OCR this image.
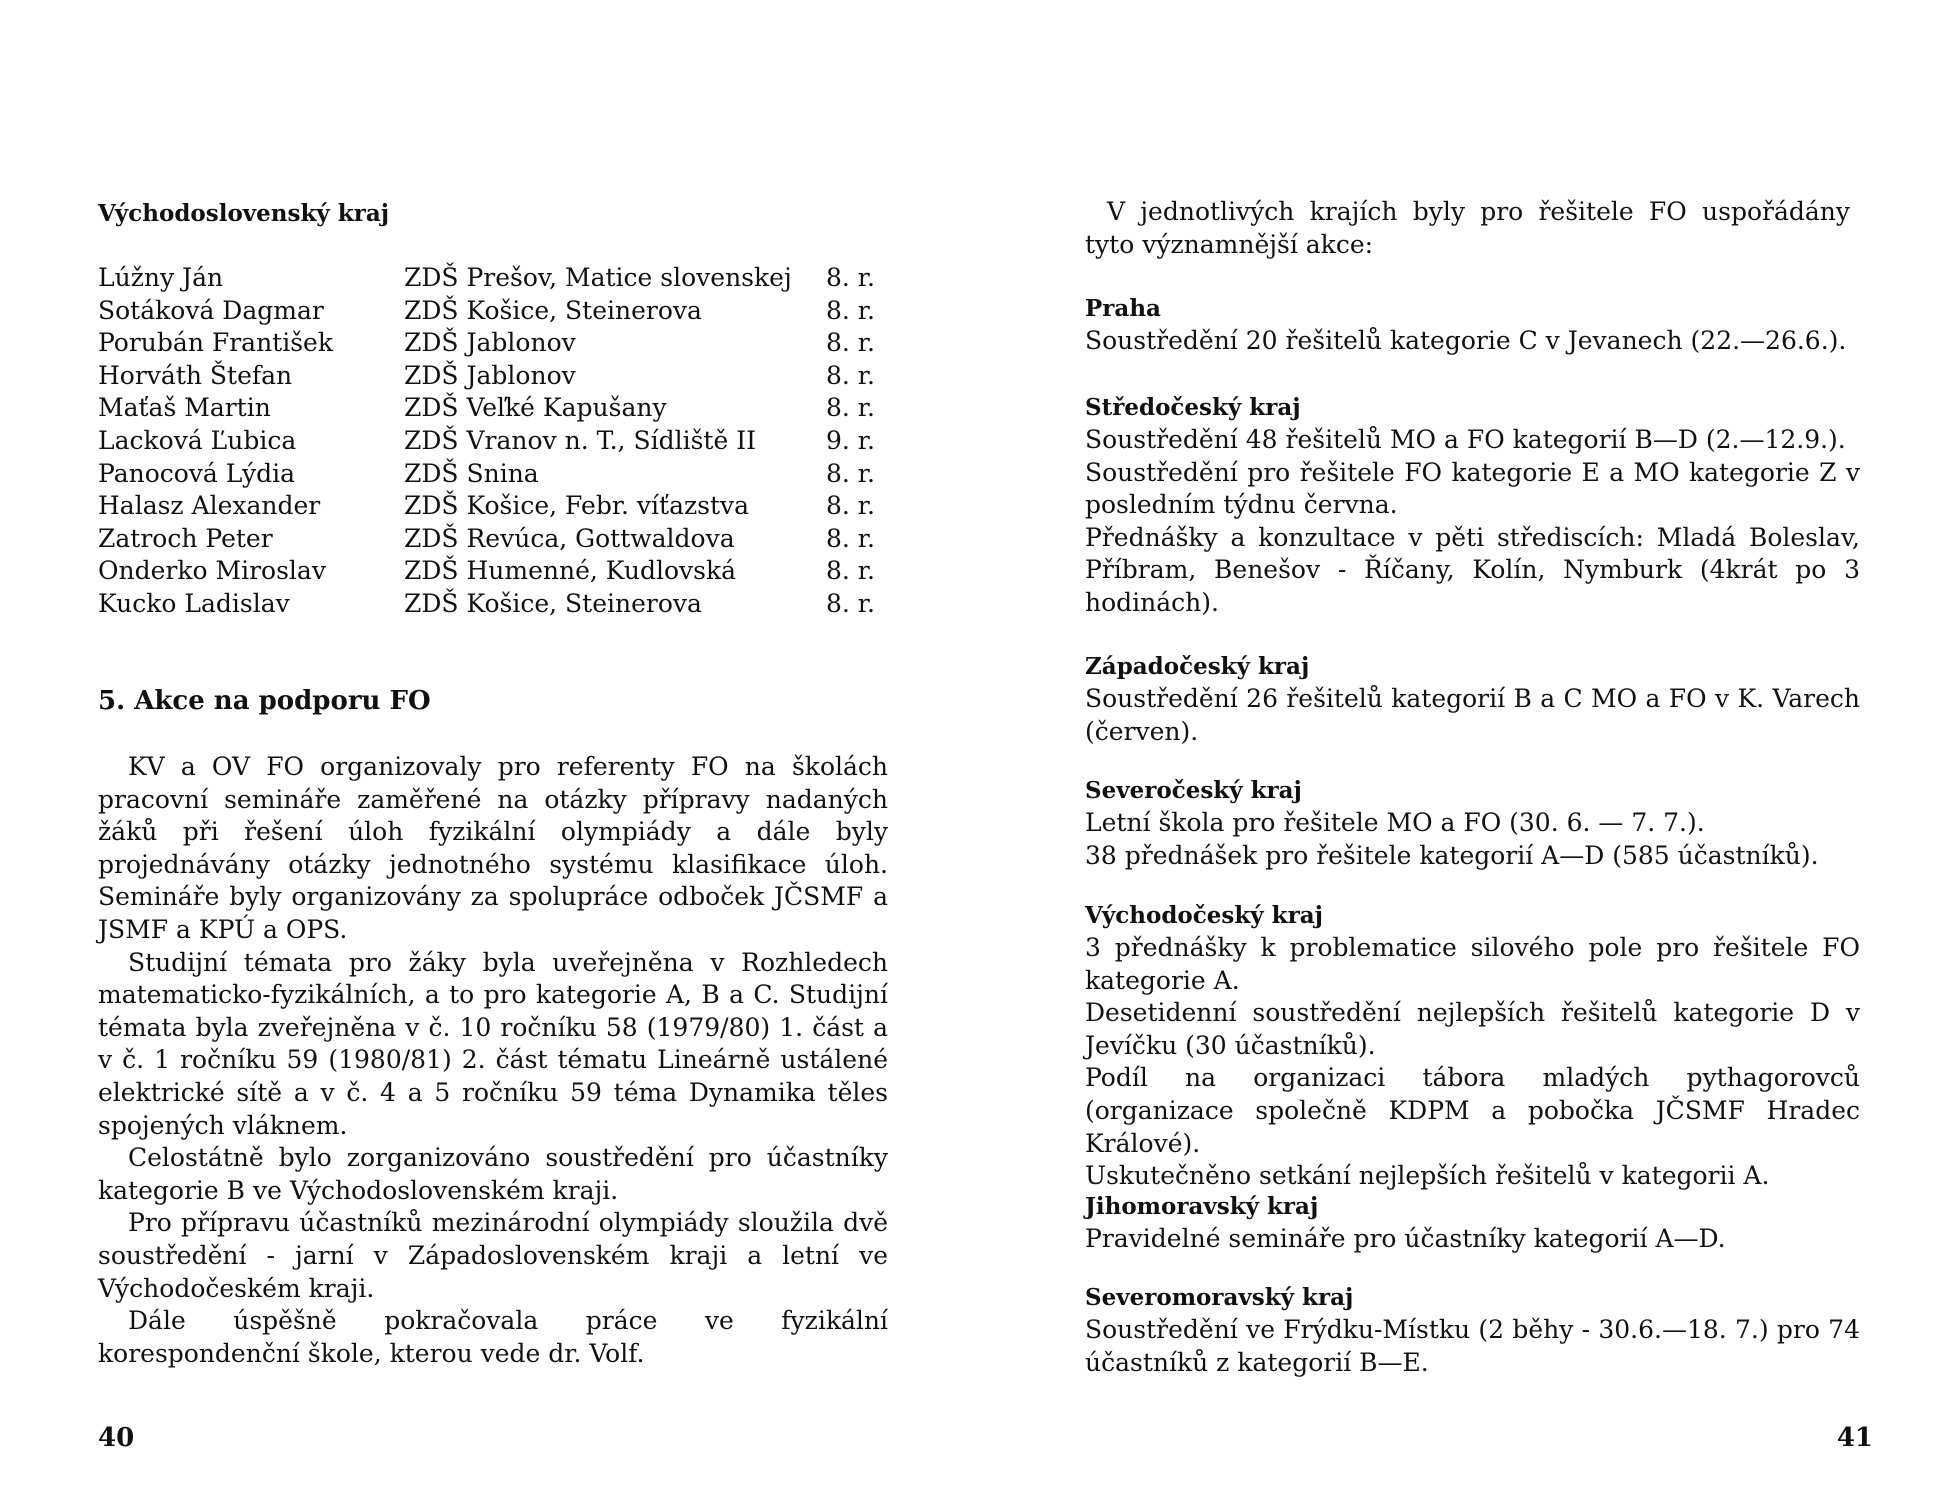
Východoslovenský kraj
Lúžny Ján	ZDŠ Prešov, Matice slovenskej 8. r.
Sotáková Dagmar	ZDŠ Košice, Steinerova	8. r.
Porubán František	ZDŠ Jablonov	8. r.
Horváth Štefan	ZDŠ Jablonov	8. r.
Maťaš Martin	ZDŠ Veľké Kapušany	8. r.
Lacková Ľubica	ZDŠ Vranov n. T., Sídliště II	9. r.
Panocová Lýdia	ZDŠ Snina	8. r.
Halasz Alexander	ZDŠ Košice, Febr. víťazstva	8. r.
Zatroch Peter	ZDŠ Revúca, Gottwaldova	8. r.
Onderko Miroslav	ZDŠ Humenné, Kudlovská	8. r.
Kucko Ladislav	ZDŠ Košice, Steinerova	8. r.
5. Akce na podporu FO

KV a OV FO organizovaly pro referenty FO na školách pracovní semináře zaměřené na otázky přípravy nadaných žáků při řešení úloh fyzikální olympiády a dále byly projednávány otázky jednotného systému klasifikace úloh. Semináře byly organizovány za spolupráce odboček JČSMF a JSMF a KPÚ a OPS.

Studijní témata pro žáky byla uveřejněna v Rozhledech matematicko-fyzikálních, a to pro kategorie A, B a C. Studijní témata byla zveřejněna v č. 10 ročníku 58 (1979/80) 1. část a v č. 1 ročníku 59 (1980/81) 2. část tématu Lineárně ustálené elektrické sítě a v č. 4 a 5 ročníku 59 téma Dynamika těles spojených vláknem.

Celostátně bylo zorganizováno soustředění pro účastníky kategorie B ve Východoslovenském kraji.

Pro přípravu účastníků mezinárodní olympiády sloužila dvě soustředění - jarní v Západoslovenském kraji a letní ve Východočeském kraji.

Dále úspěšně pokračovala práce ve fyzikální korespondenční škole, kterou vede dr. Volf.

40

V jednotlivých krajích byly pro řešitele FO uspořádány tyto významnější akce:

Praha

Soustředění 20 řešitelů kategorie C v Jevanech (22.—26.6.).

Středočeský kraj

Soustředění 48 řešitelů MO a FO kategorií B—D (2.—12.9.).

Soustředění pro řešitele FO kategorie E a MO kategorie Z v posledním týdnu června.

Přednášky a konzultace v pěti střediscích: Mladá Boleslav, Příbram, Benešov - Říčany, Kolín, Nymburk (4krát po 3 hodinách).

Západočeský kraj

Soustředění 26 řešitelů kategorií B a C MO a FO v K. Varech (červen).

Severočeský kraj

Letní škola pro řešitele MO a FO (30. 6. — 7. 7.).

38 přednášek pro řešitele kategorií A—D (585 účastníků).

Východočeský kraj

3 přednášky k problematice silového pole pro řešitele FO kategorie A.

Desetidenní soustředění nejlepších řešitelů kategorie D v Jevíčku (30 účastníků).

Podíl na organizaci tábora mladých pythagorovců (organizace společně KDPM a pobočka JČSMF Hradec Králové).

Uskutečněno setkání nejlepších řešitelů v kategorii A.

Jihomoravský kraj

Pravidelné semináře pro účastníky kategorií A—D.

Severomoravský kraj

Soustředění ve Frýdku-Místku (2 běhy - 30.6.—18. 7.) pro 74 účastníků z kategorií B—E.

41
